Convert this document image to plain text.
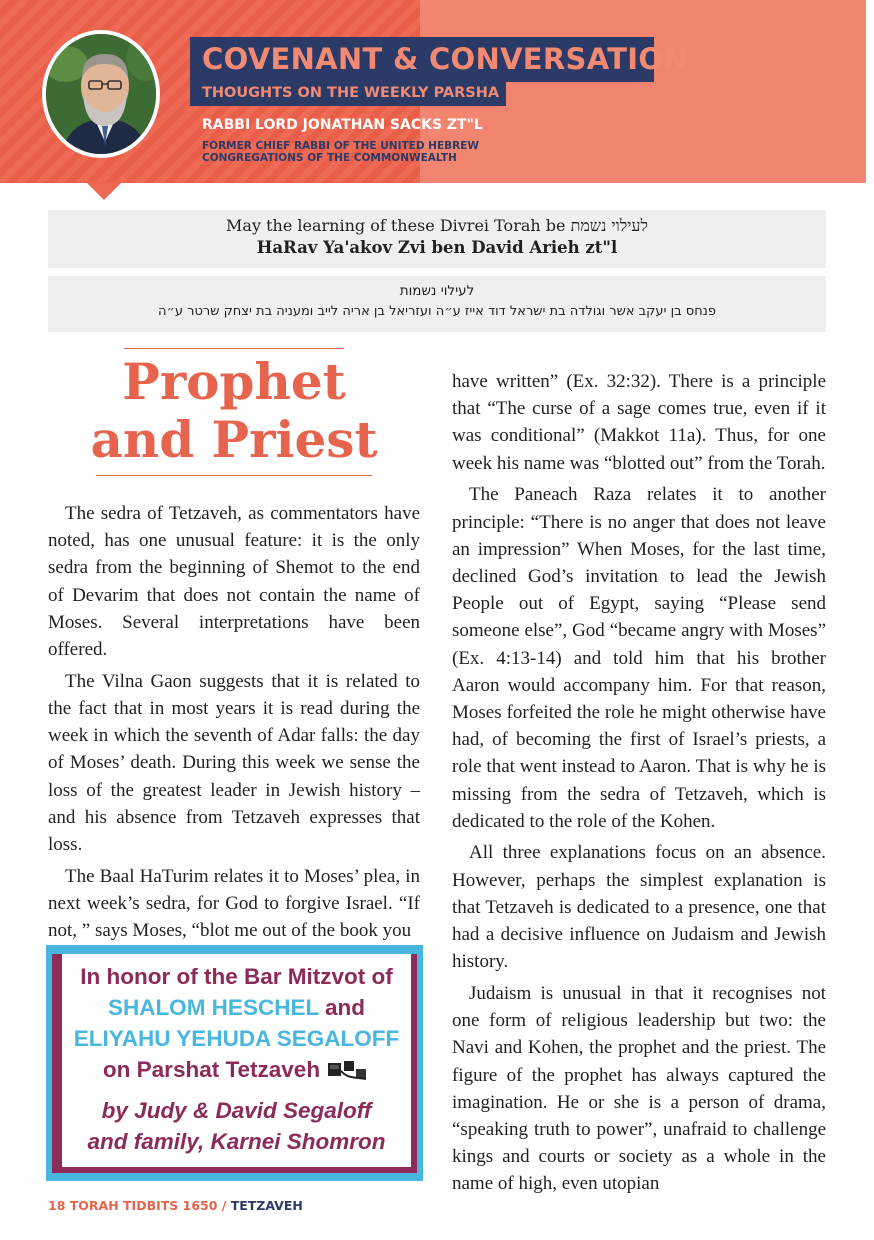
COVENANT & CONVERSATION
THOUGHTS ON THE WEEKLY PARSHA
RABBI LORD JONATHAN SACKS ZT"L
FORMER CHIEF RABBI OF THE UNITED HEBREW
CONGREGATIONS OF THE COMMONWEALTH
May the learning of these Divrei Torah be לעילוי נשמת
HaRav Ya'akov Zvi ben David Arieh zt"l
לעילוי נשמות
פנחס בן יעקב אשר וגולדה בת ישראל דוד אייז ע״ה ועזריאל בן אריה לייב ומעניה בת יצחק שרטר ע״ה
Prophet
and Priest

The sedra of Tetzaveh, as commentators have noted, has one unusual feature: it is the only sedra from the beginning of Shemot to the end of Devarim that does not contain the name of Moses. Several interpretations have been offered.

The Vilna Gaon suggests that it is related to the fact that in most years it is read during the week in which the seventh of Adar falls: the day of Moses’ death. During this week we sense the loss of the greatest leader in Jewish history – and his absence from Tetzaveh expresses that loss.

The Baal HaTurim relates it to Moses’ plea, in next week’s sedra, for God to forgive Israel. “If not, ” says Moses, “blot me out of the book you

have written” (Ex. 32:32). There is a principle that “The curse of a sage comes true, even if it was conditional” (Makkot 11a). Thus, for one week his name was “blotted out” from the Torah.

The Paneach Raza relates it to another principle: “There is no anger that does not leave an impression” When Moses, for the last time, declined God’s invitation to lead the Jewish People out of Egypt, saying “Please send someone else”, God “became angry with Moses” (Ex. 4:13-14) and told him that his brother Aaron would accompany him. For that reason, Moses forfeited the role he might otherwise have had, of becoming the first of Israel’s priests, a role that went instead to Aaron. That is why he is missing from the sedra of Tetzaveh, which is dedicated to the role of the Kohen.

All three explanations focus on an absence. However, perhaps the simplest explanation is that Tetzaveh is dedicated to a presence, one that had a decisive influence on Judaism and Jewish history.

Judaism is unusual in that it recognises not one form of religious leadership but two: the Navi and Kohen, the prophet and the priest. The figure of the prophet has always captured the imagination. He or she is a person of drama, “speaking truth to power”, unafraid to challenge kings and courts or society as a whole in the name of high, even utopian

In honor of the Bar Mitzvot of
SHALOM HESCHEL and
ELIYAHU YEHUDA SEGALOFF
on Parshat Tetzaveh
by Judy & David Segaloff
and family, Karnei Shomron
18 TORAH TIDBITS 1650 / TETZAVEH
